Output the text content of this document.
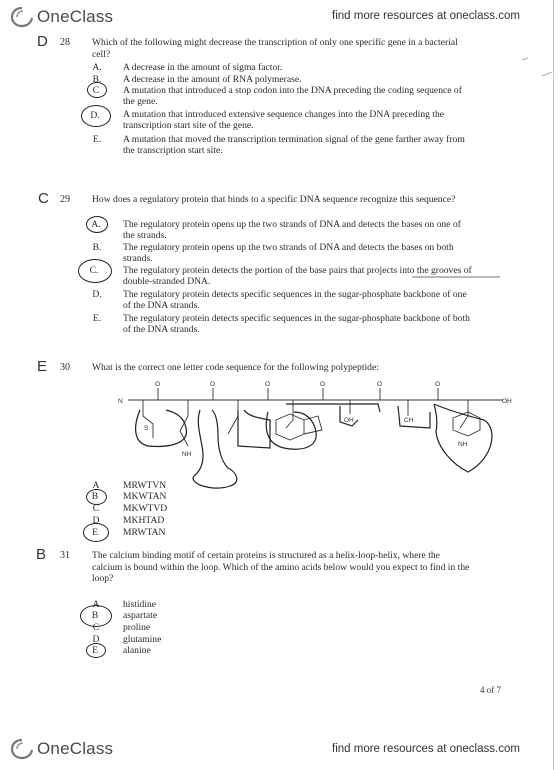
OneClass	find more resources at oneclass.com
D 28 Which of the following might decrease the transcription of only one specific gene in a bacterial
cell?
A. A decrease in the amount of sigma factor.
B. A decrease in the amount of RNA polymerase.
C	A mutation that introduced a stop codon into the DNA preceding the coding sequence of
the gene.
D. A mutation that introduced extensive sequence changes into the DNA preceding the
transcription start site of the gene.
E. A mutation that moved the transcription termination signal of the gene farther away from
the transcription start site.
C 29 How does a regulatory protein that binds to a specific DNA sequence recognize this sequence?
A. The regulatory protein opens up the two strands of DNA and detects the bases on one of
the strands.
B. The regulatory protein opens up the two strands of DNA and detects the bases on both
strands.
C.	The regulatory protein detects the portion of the base pairs that projects into the grooves of
double-stranded DNA.
D. The regulatory protein detects specific sequences in the sugar-phosphate backbone of one
of the DNA strands.
E. The regulatory protein detects specific sequences in the sugar-phosphate backbone of both
of the DNA strands.
E 30 What is the correct one letter code sequence for the following polypeptide:
N	OH
O	O	O	O	O	O
S
NH
OH	CH
NH
A	MRWTVN
B	MKWTAN
C	MKWTVD
D	MKHTAD
E	MRWTAN
B 31 The calcium binding motif of certain proteins is structured as a helix-loop-helix, where the
calcium is bound within the loop. Which of the amino acids below would you expect to find in the
loop?
A	histidine
B	aspartate
C	proline
D	glutamine
E	alanine
4 of 7
OneClass	find more resources at oneclass.com
